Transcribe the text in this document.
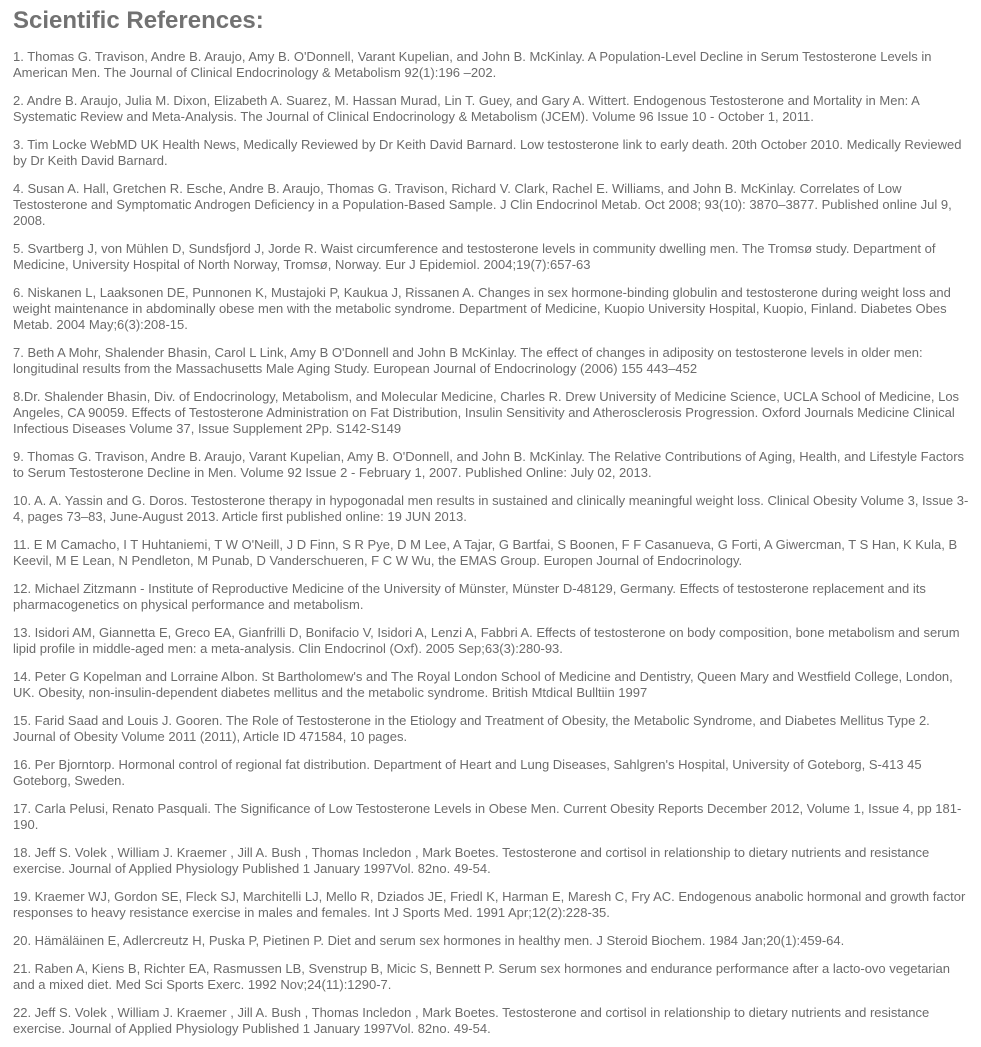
Scientific References:

1. Thomas G. Travison, Andre B. Araujo, Amy B. O'Donnell, Varant Kupelian, and John B. McKinlay. A Population-Level Decline in Serum Testosterone Levels in American Men. The Journal of Clinical Endocrinology & Metabolism 92(1):196 –202.

2. Andre B. Araujo, Julia M. Dixon, Elizabeth A. Suarez, M. Hassan Murad, Lin T. Guey, and Gary A. Wittert. Endogenous Testosterone and Mortality in Men: A Systematic Review and Meta-Analysis. The Journal of Clinical Endocrinology & Metabolism (JCEM). Volume 96 Issue 10 - October 1, 2011.

3. Tim Locke WebMD UK Health News, Medically Reviewed by Dr Keith David Barnard. Low testosterone link to early death. 20th October 2010. Medically Reviewed by Dr Keith David Barnard.

4. Susan A. Hall, Gretchen R. Esche, Andre B. Araujo, Thomas G. Travison, Richard V. Clark, Rachel E. Williams, and John B. McKinlay. Correlates of Low Testosterone and Symptomatic Androgen Deficiency in a Population-Based Sample. J Clin Endocrinol Metab. Oct 2008; 93(10): 3870–3877. Published online Jul 9, 2008.

5. Svartberg J, von Mühlen D, Sundsfjord J, Jorde R. Waist circumference and testosterone levels in community dwelling men. The Tromsø study. Department of Medicine, University Hospital of North Norway, Tromsø, Norway. Eur J Epidemiol. 2004;19(7):657-63

6. Niskanen L, Laaksonen DE, Punnonen K, Mustajoki P, Kaukua J, Rissanen A. Changes in sex hormone-binding globulin and testosterone during weight loss and weight maintenance in abdominally obese men with the metabolic syndrome. Department of Medicine, Kuopio University Hospital, Kuopio, Finland. Diabetes Obes Metab. 2004 May;6(3):208-15.

7. Beth A Mohr, Shalender Bhasin, Carol L Link, Amy B O'Donnell and John B McKinlay. The effect of changes in adiposity on testosterone levels in older men: longitudinal results from the Massachusetts Male Aging Study. European Journal of Endocrinology (2006) 155 443–452

8.Dr. Shalender Bhasin, Div. of Endocrinology, Metabolism, and Molecular Medicine, Charles R. Drew University of Medicine Science, UCLA School of Medicine, Los Angeles, CA 90059. Effects of Testosterone Administration on Fat Distribution, Insulin Sensitivity and Atherosclerosis Progression. Oxford Journals Medicine Clinical Infectious Diseases Volume 37, Issue Supplement 2Pp. S142-S149

9. Thomas G. Travison, Andre B. Araujo, Varant Kupelian, Amy B. O'Donnell, and John B. McKinlay. The Relative Contributions of Aging, Health, and Lifestyle Factors to Serum Testosterone Decline in Men. Volume 92 Issue 2 - February 1, 2007. Published Online: July 02, 2013.

10. A. A. Yassin and G. Doros. Testosterone therapy in hypogonadal men results in sustained and clinically meaningful weight loss. Clinical Obesity Volume 3, Issue 3-4, pages 73–83, June-August 2013. Article first published online: 19 JUN 2013.

11. E M Camacho, I T Huhtaniemi, T W O'Neill, J D Finn, S R Pye, D M Lee, A Tajar, G Bartfai, S Boonen, F F Casanueva, G Forti, A Giwercman, T S Han, K Kula, B Keevil, M E Lean, N Pendleton, M Punab, D Vanderschueren, F C W Wu, the EMAS Group. Europen Journal of Endocrinology.

12. Michael Zitzmann - Institute of Reproductive Medicine of the University of Münster, Münster D-48129, Germany. Effects of testosterone replacement and its pharmacogenetics on physical performance and metabolism.

13. Isidori AM, Giannetta E, Greco EA, Gianfrilli D, Bonifacio V, Isidori A, Lenzi A, Fabbri A. Effects of testosterone on body composition, bone metabolism and serum lipid profile in middle-aged men: a meta-analysis. Clin Endocrinol (Oxf). 2005 Sep;63(3):280-93.

14. Peter G Kopelman and Lorraine Albon. St Bartholomew's and The Royal London School of Medicine and Dentistry, Queen Mary and Westfield College, London, UK. Obesity, non-insulin-dependent diabetes mellitus and the metabolic syndrome. British Mtdical Bulltiin 1997

15. Farid Saad and Louis J. Gooren. The Role of Testosterone in the Etiology and Treatment of Obesity, the Metabolic Syndrome, and Diabetes Mellitus Type 2. Journal of Obesity Volume 2011 (2011), Article ID 471584, 10 pages.

16. Per Bjorntorp. Hormonal control of regional fat distribution. Department of Heart and Lung Diseases, Sahlgren's Hospital, University of Goteborg, S-413 45 Goteborg, Sweden.

17. Carla Pelusi, Renato Pasquali. The Significance of Low Testosterone Levels in Obese Men. Current Obesity Reports December 2012, Volume 1, Issue 4, pp 181-190.

18. Jeff S. Volek , William J. Kraemer , Jill A. Bush , Thomas Incledon , Mark Boetes. Testosterone and cortisol in relationship to dietary nutrients and resistance exercise. Journal of Applied Physiology Published 1 January 1997Vol. 82no. 49-54.

19. Kraemer WJ, Gordon SE, Fleck SJ, Marchitelli LJ, Mello R, Dziados JE, Friedl K, Harman E, Maresh C, Fry AC. Endogenous anabolic hormonal and growth factor responses to heavy resistance exercise in males and females. Int J Sports Med. 1991 Apr;12(2):228-35.

20. Hämäläinen E, Adlercreutz H, Puska P, Pietinen P. Diet and serum sex hormones in healthy men. J Steroid Biochem. 1984 Jan;20(1):459-64.

21. Raben A, Kiens B, Richter EA, Rasmussen LB, Svenstrup B, Micic S, Bennett P. Serum sex hormones and endurance performance after a lacto-ovo vegetarian and a mixed diet. Med Sci Sports Exerc. 1992 Nov;24(11):1290-7.

22. Jeff S. Volek , William J. Kraemer , Jill A. Bush , Thomas Incledon , Mark Boetes. Testosterone and cortisol in relationship to dietary nutrients and resistance exercise. Journal of Applied Physiology Published 1 January 1997Vol. 82no. 49-54.
